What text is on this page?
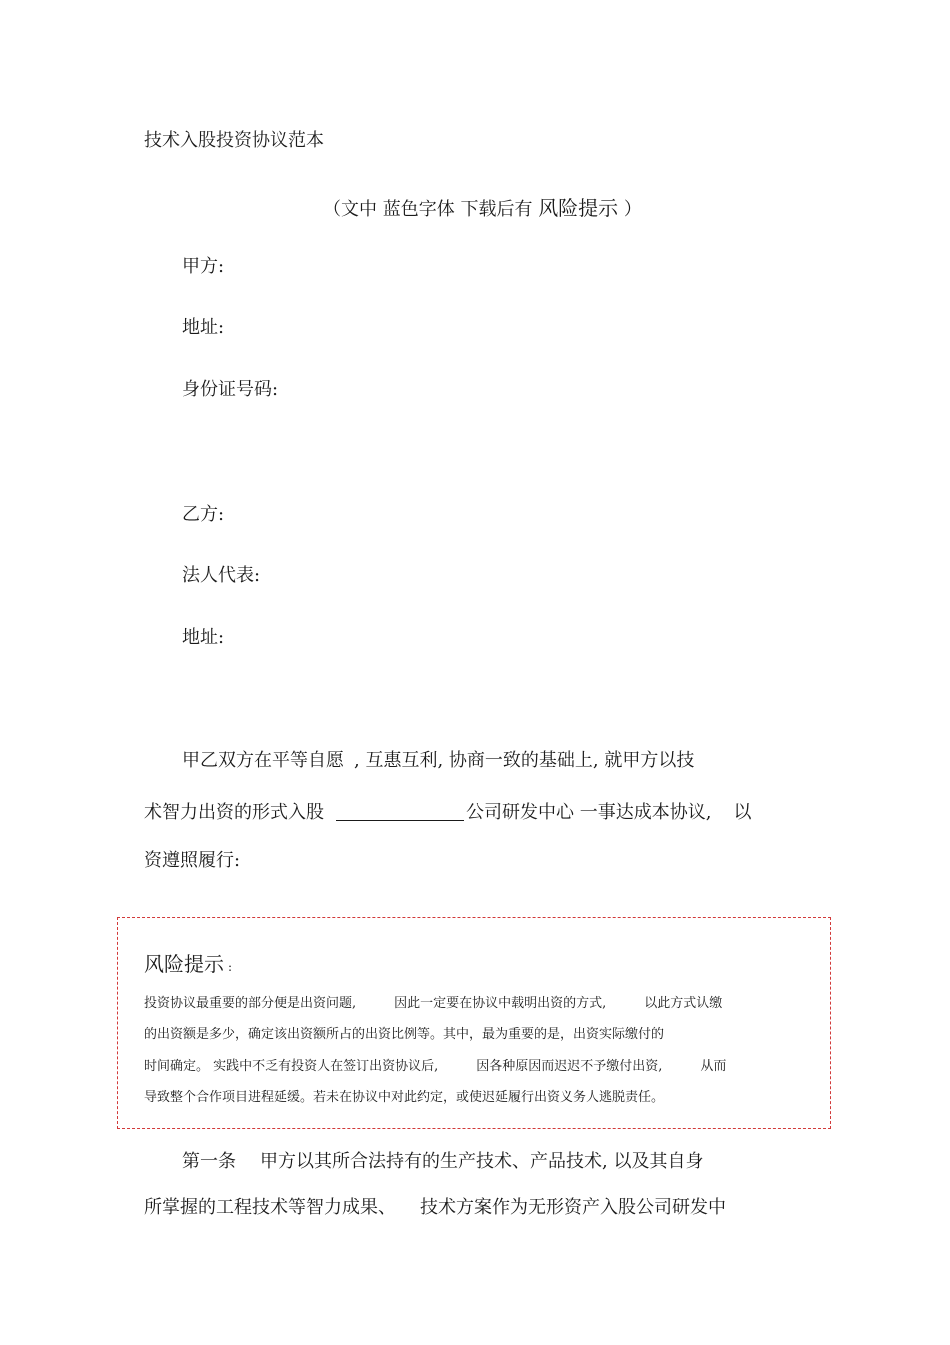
技术入股投资协议范本
（文中 蓝色字体 下载后有 风险提示 ）
甲方:
地址:
身份证号码:
乙方:
法人代表:
地址:
甲乙双方在平等自愿 , 互惠互利, 协商一致的基础上, 就甲方以技
术智力出资的形式入股	公司研发中心 一事达成本协议, 以
资遵照履行:
风险提示 :
投资协议最重要的部分便是出资问题,	因此一定要在协议中载明出资的方式,	以此方式认缴
的出资额是多少，确定该出资额所占的出资比例等。其中，最为重要的是，出资实际缴付的
时间确定。 实践中不乏有投资人在签订出资协议后,	因各种原因而迟迟不予缴付出资,	从而
导致整个合作项目进程延缓。若未在协议中对此约定，或使迟延履行出资义务人逃脱责任。
第一条 甲方以其所合法持有的生产技术、产品技术, 以及其自身
所掌握的工程技术等智力成果、 技术方案作为无形资产入股公司研发中
